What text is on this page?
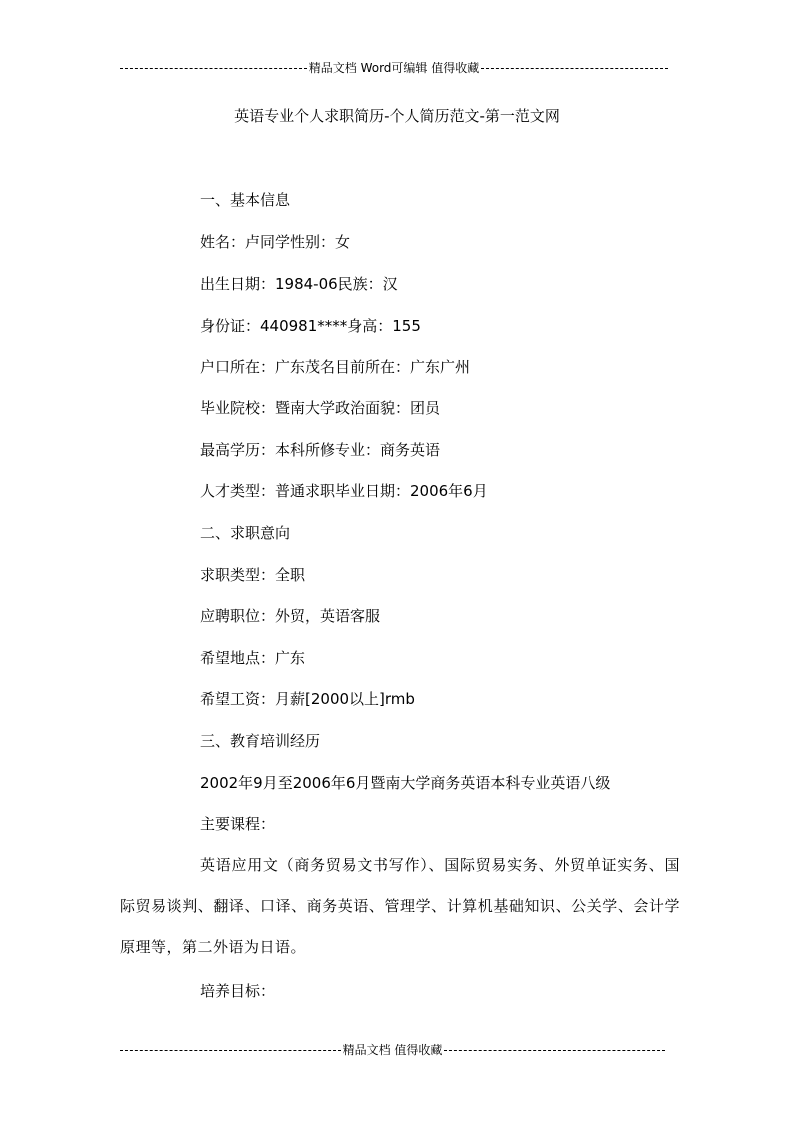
精品文档 Word可编辑 值得收藏
英语专业个人求职简历-个人简历范文-第一范文网
一、基本信息
姓名：卢同学性别：女
出生日期：1984-06民族：汉
身份证：440981****身高：155
户口所在：广东茂名目前所在：广东广州
毕业院校：暨南大学政治面貌：团员
最高学历：本科所修专业：商务英语
人才类型：普通求职毕业日期：2006年6月
二、求职意向
求职类型：全职
应聘职位：外贸，英语客服
希望地点：广东
希望工资：月薪[2000以上]rmb
三、教育培训经历
2002年9月至2006年6月暨南大学商务英语本科专业英语八级
主要课程：
英语应用文（商务贸易文书写作）、国际贸易实务、外贸单证实务、国际贸易谈判、翻译、口译、商务英语、管理学、计算机基础知识、公关学、会计学原理等，第二外语为日语。
培养目标：
精品文档 值得收藏
